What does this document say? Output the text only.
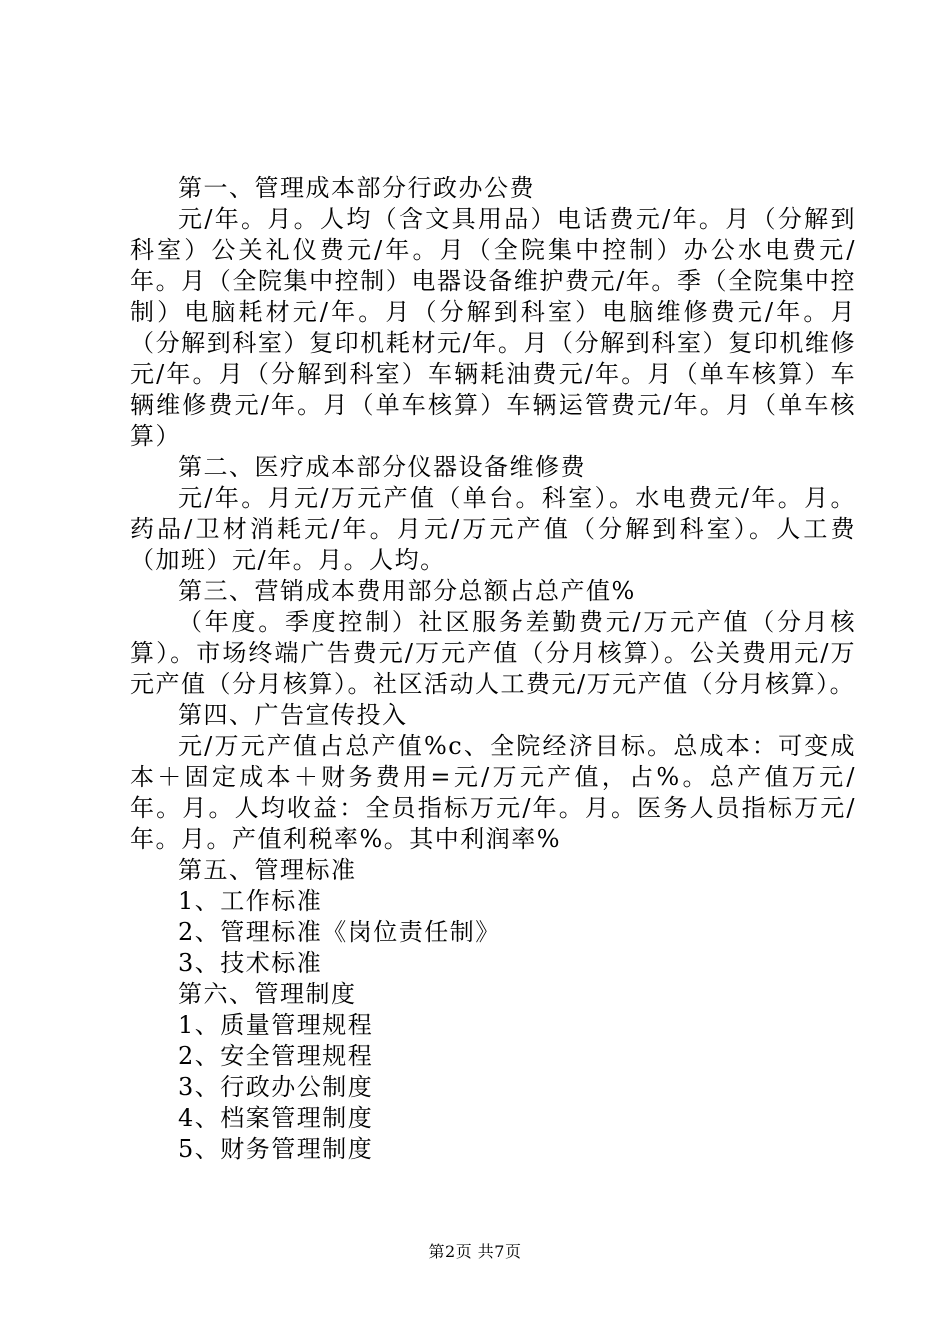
第一、管理成本部分行政办公费

元/年。月。人均（含文具用品）电话费元/年。月（分解到科室）公关礼仪费元/年。月（全院集中控制）办公水电费元/年。月（全院集中控制）电器设备维护费元/年。季（全院集中控制）电脑耗材元/年。月（分解到科室）电脑维修费元/年。月（分解到科室）复印机耗材元/年。月（分解到科室）复印机维修元/年。月（分解到科室）车辆耗油费元/年。月（单车核算）车辆维修费元/年。月（单车核算）车辆运管费元/年。月（单车核算）

第二、医疗成本部分仪器设备维修费

元/年。月元/万元产值（单台。科室）。水电费元/年。月。药品/卫材消耗元/年。月元/万元产值（分解到科室）。人工费（加班）元/年。月。人均。

第三、营销成本费用部分总额占总产值%

（年度。季度控制）社区服务差勤费元/万元产值（分月核算）。市场终端广告费元/万元产值（分月核算）。公关费用元/万元产值（分月核算）。社区活动人工费元/万元产值（分月核算）。

第四、广告宣传投入

元/万元产值占总产值%c、全院经济目标。总成本：可变成本＋固定成本＋财务费用=元/万元产值，占%。总产值万元/年。月。人均收益：全员指标万元/年。月。医务人员指标万元/年。月。产值利税率%。其中利润率%

第五、管理标准

1、工作标准

2、管理标准《岗位责任制》

3、技术标准

第六、管理制度

1、质量管理规程

2、安全管理规程

3、行政办公制度

4、档案管理制度

5、财务管理制度

第2页 共7页
